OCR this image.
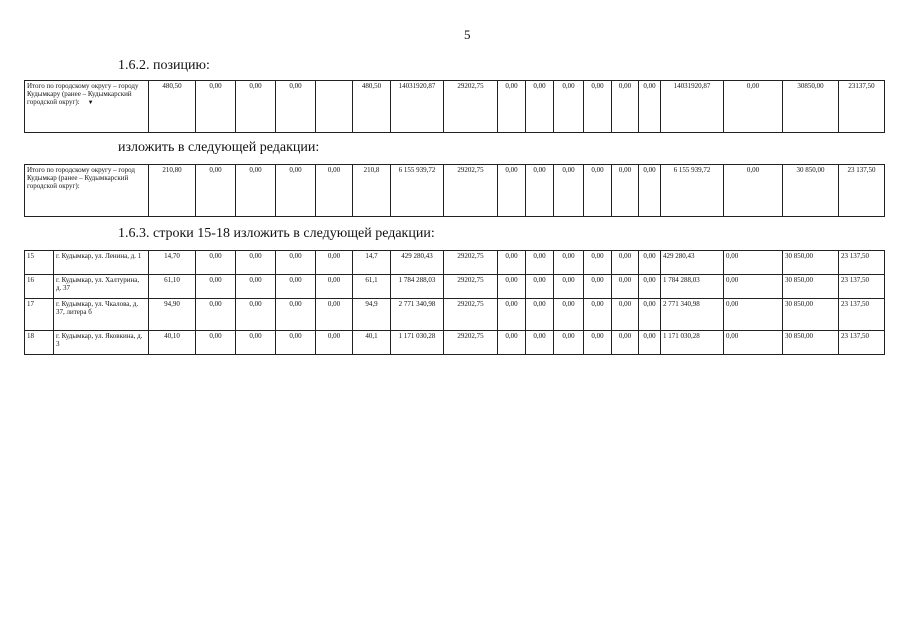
5
1.6.2. позицию:
Итого по городскому округу – городу Кудымкару (ранее – Кудымкарский городской округ): ▼	480,50	0,00	0,00	0,00		480,50	14031920,87	29202,75	0,00	0,00	0,00	0,00	0,00	0,00	14031920,87	0,00	30850,00	23137,50
изложить в следующей редакции:
Итого по городскому округу – город Кудымкар (ранее – Кудымкарский городской округ):	210,80	0,00	0,00	0,00	0,00	210,8	6 155 939,72	29202,75	0,00	0,00	0,00	0,00	0,00	0,00	6 155 939,72	0,00	30 850,00	23 137,50
1.6.3. строки 15-18 изложить в следующей редакции:
15	г. Кудымкар, ул. Ленина, д. 1	14,70	0,00	0,00	0,00	0,00	14,7	429 280,43	29202,75	0,00	0,00	0,00	0,00	0,00	0,00	429 280,43	0,00	30 850,00	23 137,50
16	г. Кудымкар, ул. Халтурина, д. 37	61,10	0,00	0,00	0,00	0,00	61,1	1 784 288,03	29202,75	0,00	0,00	0,00	0,00	0,00	0,00	1 784 288,03	0,00	30 850,00	23 137,50
17	г. Кудымкар, ул. Чкалова, д. 37, литера б	94,90	0,00	0,00	0,00	0,00	94,9	2 771 340,98	29202,75	0,00	0,00	0,00	0,00	0,00	0,00	2 771 340,98	0,00	30 850,00	23 137,50
18	г. Кудымкар, ул. Яковкина, д. 3	40,10	0,00	0,00	0,00	0,00	40,1	1 171 030,28	29202,75	0,00	0,00	0,00	0,00	0,00	0,00	1 171 030,28	0,00	30 850,00	23 137,50
